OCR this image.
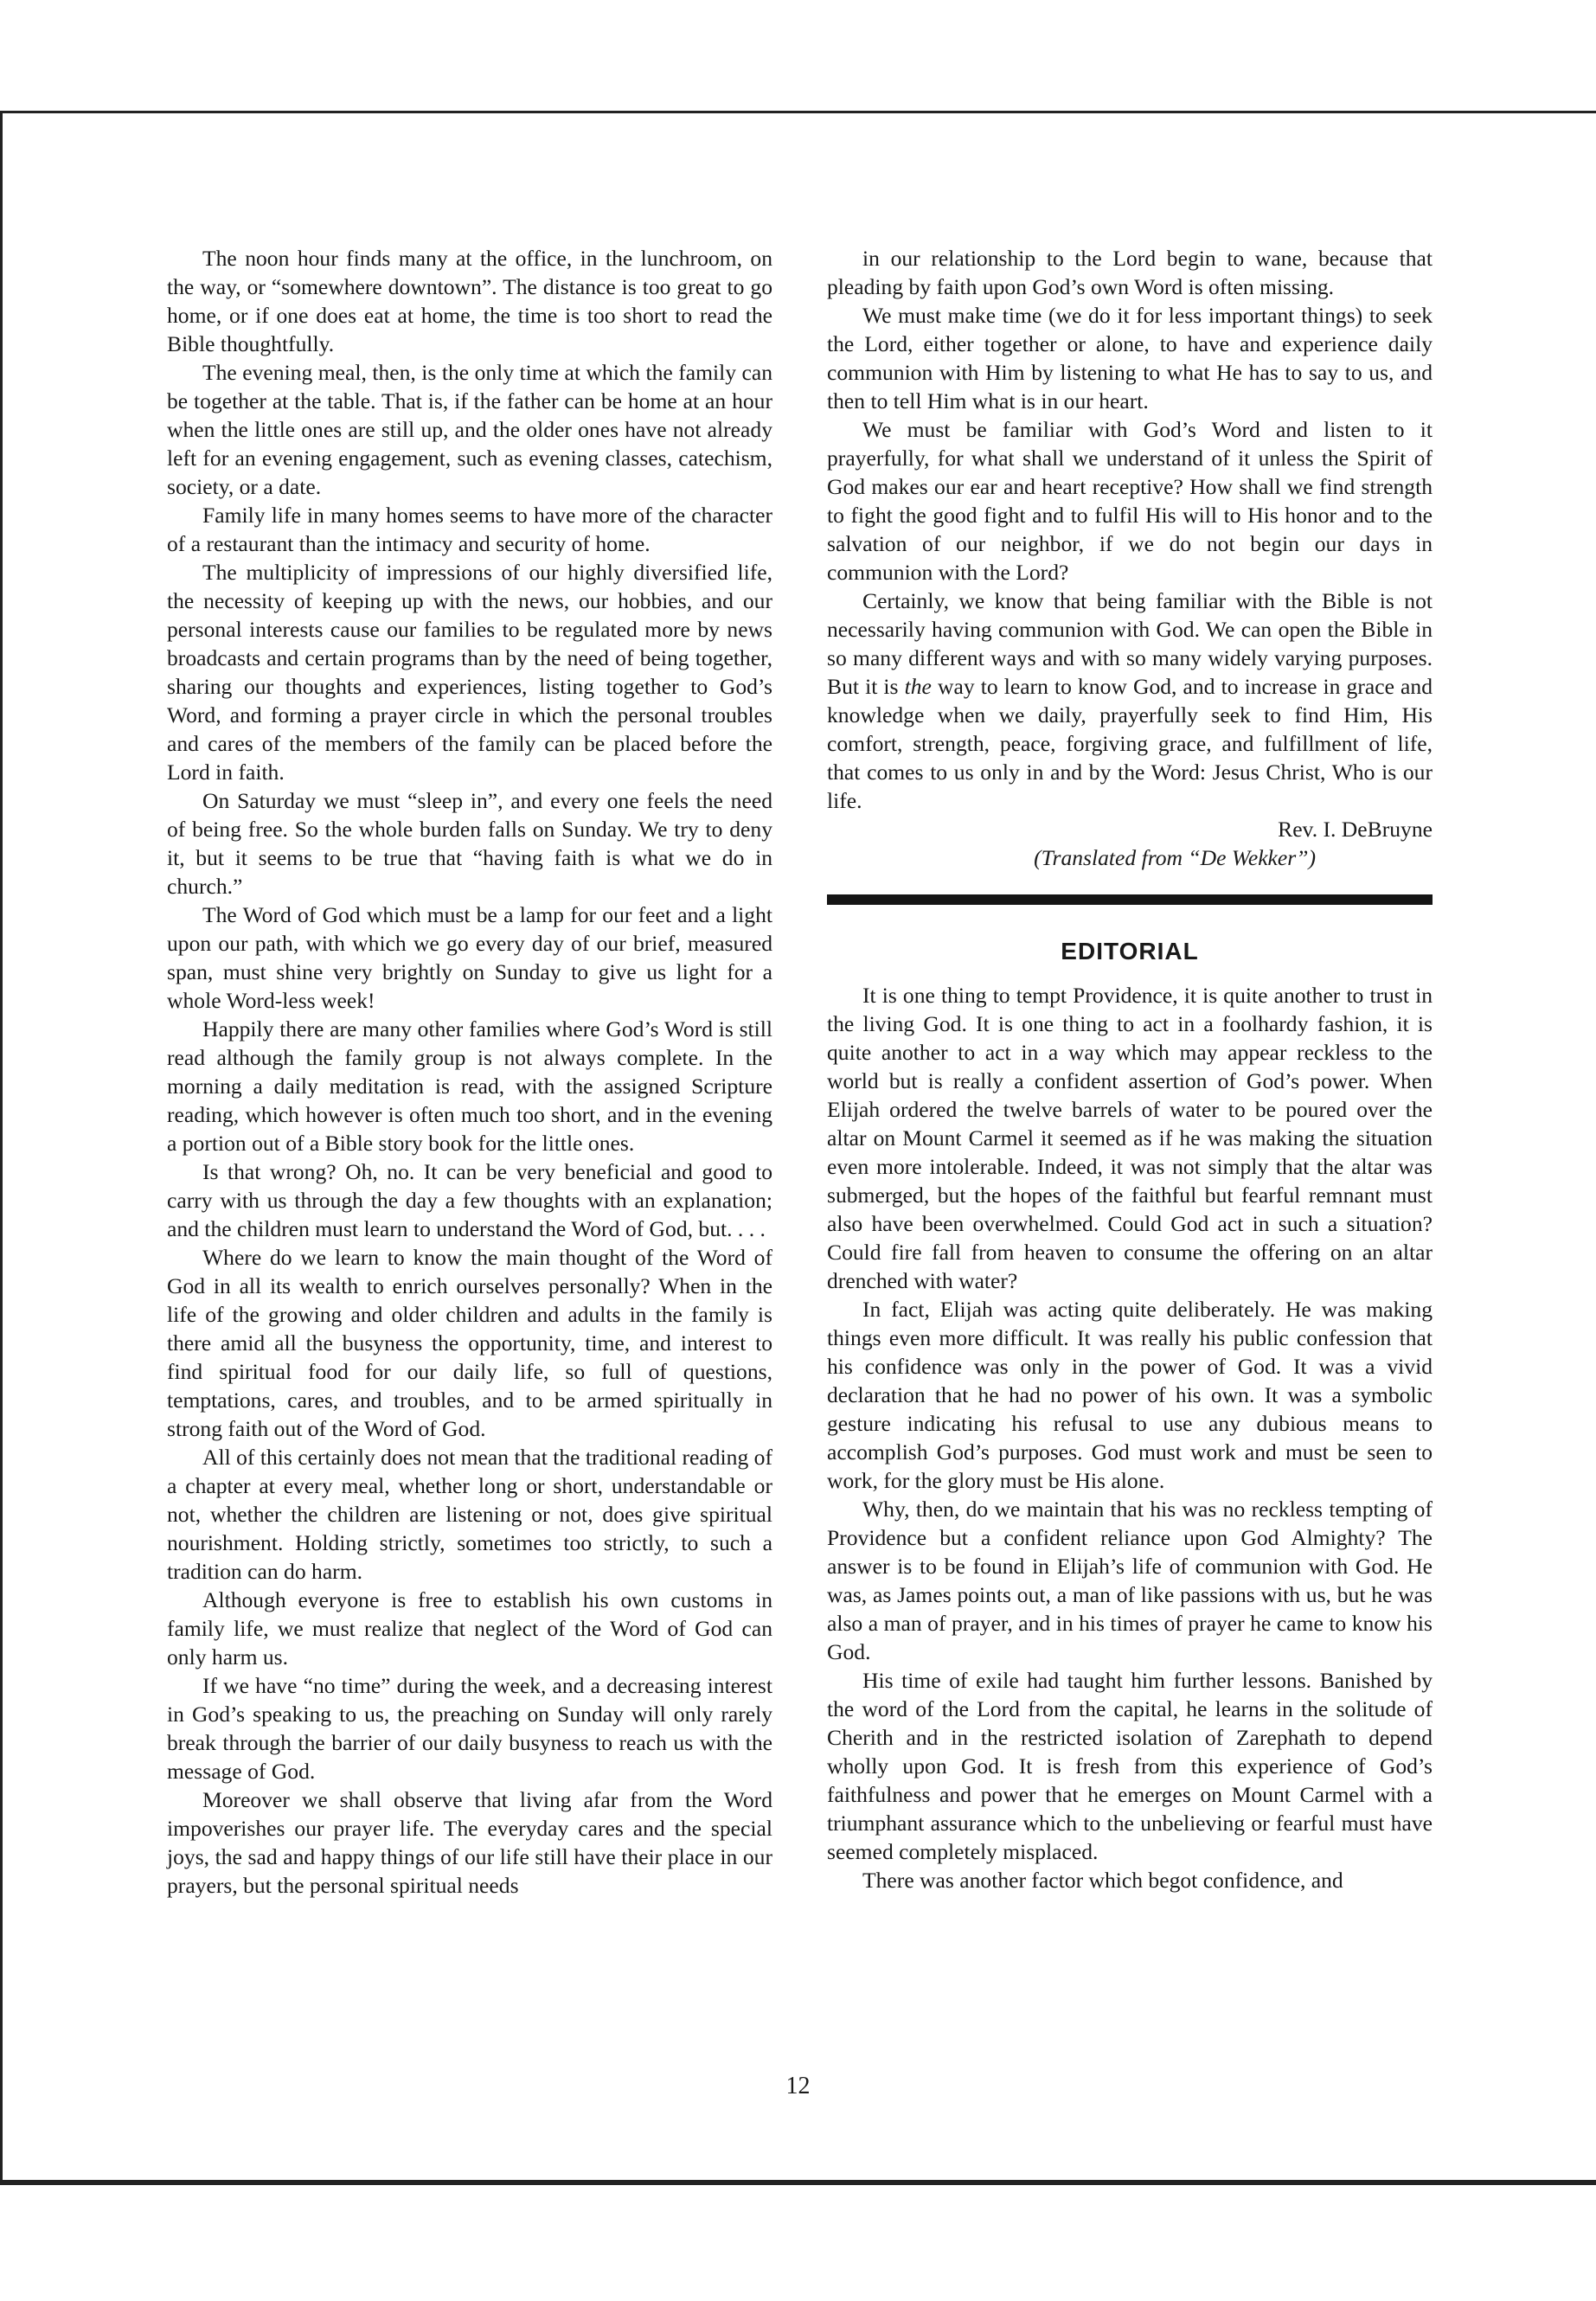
The noon hour finds many at the office, in the lunchroom, on the way, or “somewhere downtown”. The distance is too great to go home, or if one does eat at home, the time is too short to read the Bible thoughtfully.

The evening meal, then, is the only time at which the family can be together at the table. That is, if the father can be home at an hour when the little ones are still up, and the older ones have not already left for an evening engagement, such as evening classes, catechism, society, or a date.

Family life in many homes seems to have more of the character of a restaurant than the intimacy and security of home.

The multiplicity of impressions of our highly diversified life, the necessity of keeping up with the news, our hobbies, and our personal interests cause our families to be regulated more by news broadcasts and certain programs than by the need of being together, sharing our thoughts and experiences, listing together to God’s Word, and forming a prayer circle in which the personal troubles and cares of the members of the family can be placed before the Lord in faith.

On Saturday we must “sleep in”, and every one feels the need of being free. So the whole burden falls on Sunday. We try to deny it, but it seems to be true that “having faith is what we do in church.”

The Word of God which must be a lamp for our feet and a light upon our path, with which we go every day of our brief, measured span, must shine very brightly on Sunday to give us light for a whole Word-less week!

Happily there are many other families where God’s Word is still read although the family group is not always complete. In the morning a daily meditation is read, with the assigned Scripture reading, which however is often much too short, and in the evening a portion out of a Bible story book for the little ones.

Is that wrong? Oh, no. It can be very beneficial and good to carry with us through the day a few thoughts with an explanation; and the children must learn to understand the Word of God, but. . . .

Where do we learn to know the main thought of the Word of God in all its wealth to enrich ourselves personally? When in the life of the growing and older children and adults in the family is there amid all the busyness the opportunity, time, and interest to find spiritual food for our daily life, so full of questions, temptations, cares, and troubles, and to be armed spiritually in strong faith out of the Word of God.

All of this certainly does not mean that the traditional reading of a chapter at every meal, whether long or short, understandable or not, whether the children are listening or not, does give spiritual nourishment. Holding strictly, sometimes too strictly, to such a tradition can do harm.

Although everyone is free to establish his own customs in family life, we must realize that neglect of the Word of God can only harm us.

If we have “no time” during the week, and a decreasing interest in God’s speaking to us, the preaching on Sunday will only rarely break through the barrier of our daily busyness to reach us with the message of God.

Moreover we shall observe that living afar from the Word impoverishes our prayer life. The everyday cares and the special joys, the sad and happy things of our life still have their place in our prayers, but the personal spiritual needs

in our relationship to the Lord begin to wane, because that pleading by faith upon God’s own Word is often missing.

We must make time (we do it for less important things) to seek the Lord, either together or alone, to have and experience daily communion with Him by listening to what He has to say to us, and then to tell Him what is in our heart.

We must be familiar with God’s Word and listen to it prayerfully, for what shall we understand of it unless the Spirit of God makes our ear and heart receptive? How shall we find strength to fight the good fight and to fulfil His will to His honor and to the salvation of our neighbor, if we do not begin our days in communion with the Lord?

Certainly, we know that being familiar with the Bible is not necessarily having communion with God. We can open the Bible in so many different ways and with so many widely varying purposes. But it is the way to learn to know God, and to increase in grace and knowledge when we daily, prayerfully seek to find Him, His comfort, strength, peace, forgiving grace, and fulfillment of life, that comes to us only in and by the Word: Jesus Christ, Who is our life.

Rev. I. DeBruyne

(Translated from “De Wekker”)

EDITORIAL

It is one thing to tempt Providence, it is quite another to trust in the living God. It is one thing to act in a foolhardy fashion, it is quite another to act in a way which may appear reckless to the world but is really a confident assertion of God’s power. When Elijah ordered the twelve barrels of water to be poured over the altar on Mount Carmel it seemed as if he was making the situation even more intolerable. Indeed, it was not simply that the altar was submerged, but the hopes of the faithful but fearful remnant must also have been overwhelmed. Could God act in such a situation? Could fire fall from heaven to consume the offering on an altar drenched with water?

In fact, Elijah was acting quite deliberately. He was making things even more difficult. It was really his public confession that his confidence was only in the power of God. It was a vivid declaration that he had no power of his own. It was a symbolic gesture indicating his refusal to use any dubious means to accomplish God’s purposes. God must work and must be seen to work, for the glory must be His alone.

Why, then, do we maintain that his was no reckless tempting of Providence but a confident reliance upon God Almighty? The answer is to be found in Elijah’s life of communion with God. He was, as James points out, a man of like passions with us, but he was also a man of prayer, and in his times of prayer he came to know his God.

His time of exile had taught him further lessons. Banished by the word of the Lord from the capital, he learns in the solitude of Cherith and in the restricted isolation of Zarephath to depend wholly upon God. It is fresh from this experience of God’s faithfulness and power that he emerges on Mount Carmel with a triumphant assurance which to the unbelieving or fearful must have seemed completely misplaced.

There was another factor which begot confidence, and

12
